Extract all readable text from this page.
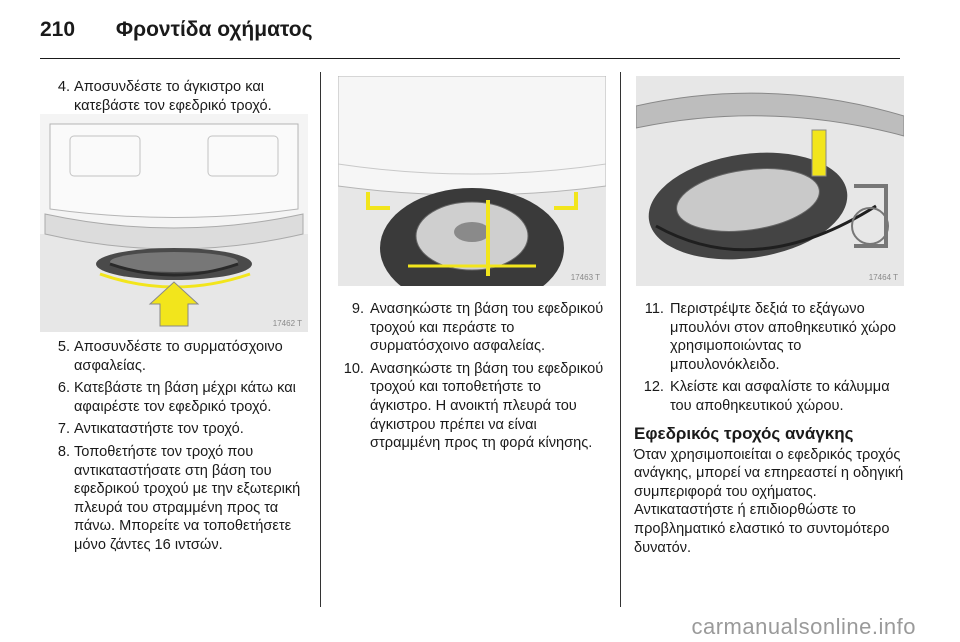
210 Φροντίδα οχήματος
4. Αποσυνδέστε το άγκιστρο και κατεβάστε τον εφεδρικό τροχό.
17462 T
5. Αποσυνδέστε το συρματόσχοινο ασφαλείας.
6. Κατεβάστε τη βάση μέχρι κάτω και αφαιρέστε τον εφεδρικό τροχό.
7. Αντικαταστήστε τον τροχό.
8. Τοποθετήστε τον τροχό που αντικαταστήσατε στη βάση του εφεδρικού τροχού με την εξωτερική πλευρά του στραμμένη προς τα πάνω. Μπορείτε να τοποθετήσετε μόνο ζάντες 16 ιντσών.
17463 T
9. Ανασηκώστε τη βάση του εφεδρικού τροχού και περάστε το συρματόσχοινο ασφαλείας.
10. Ανασηκώστε τη βάση του εφεδρικού τροχού και τοποθετήστε το άγκιστρο. Η ανοικτή πλευρά του άγκιστρου πρέπει να είναι στραμμένη προς τη φορά κίνησης.
17464 T
11. Περιστρέψτε δεξιά το εξάγωνο μπουλόνι στον αποθηκευτικό χώρο χρησιμοποιώντας το μπουλονόκλειδο.
12. Κλείστε και ασφαλίστε το κάλυμμα του αποθηκευτικού χώρου.
Εφεδρικός τροχός ανάγκης

Όταν χρησιμοποιείται ο εφεδρικός τροχός ανάγκης, μπορεί να επηρεαστεί η οδηγική συμπεριφορά του οχήματος. Αντικαταστήστε ή επιδιορθώστε το προβληματικό ελαστικό το συντομότερο δυνατόν.

carmanualsonline.info
